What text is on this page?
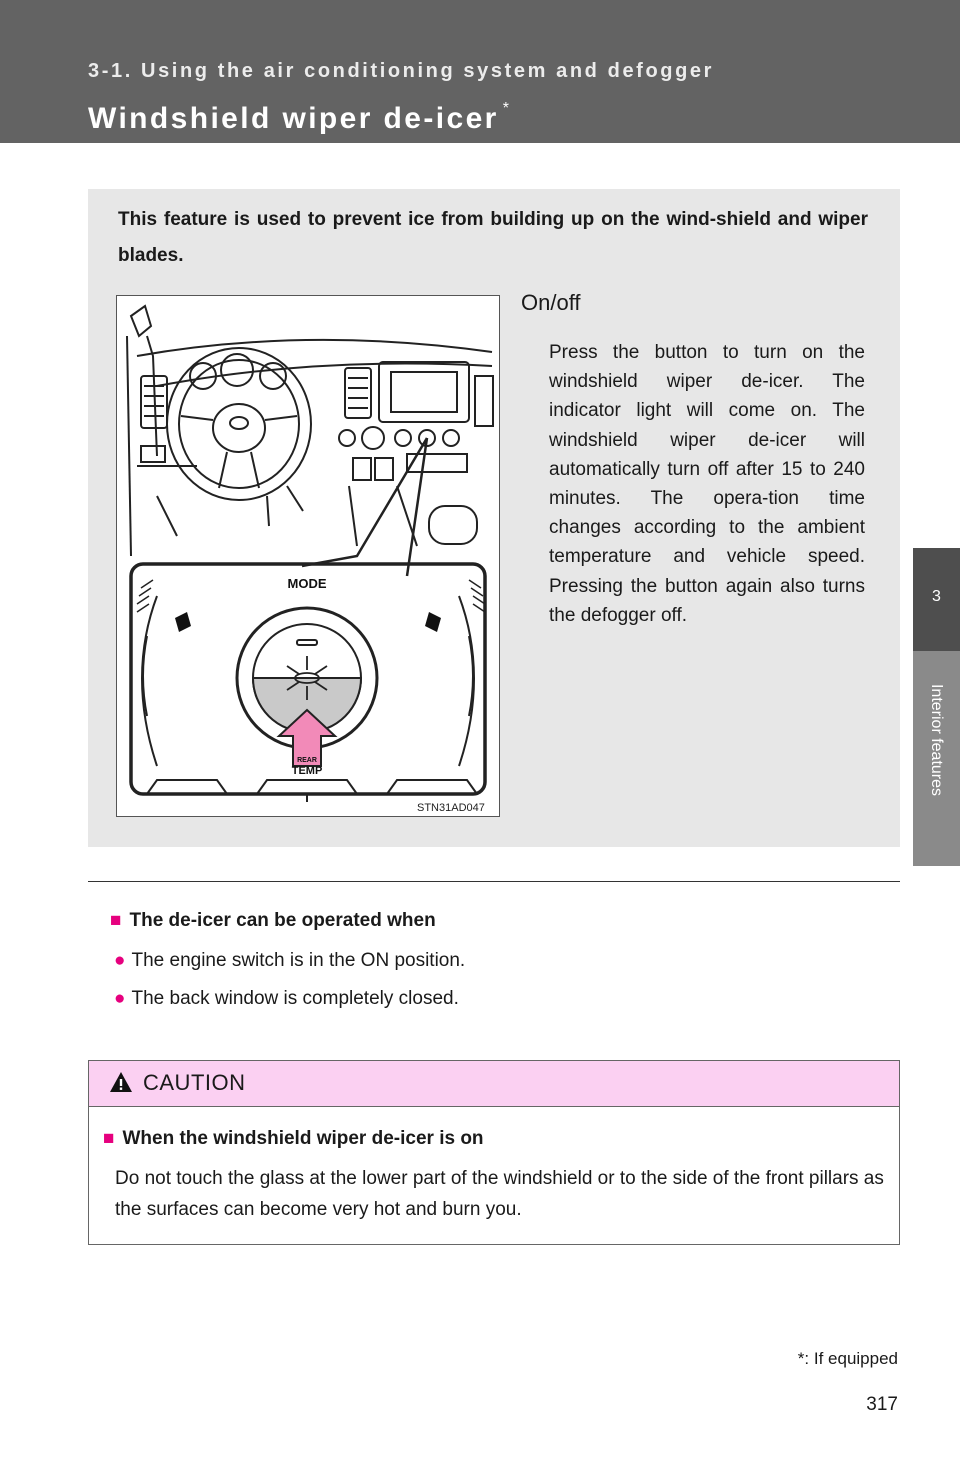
3-1. Using the air conditioning system and defogger
Windshield wiper de-icer *
3
Interior features
This feature is used to prevent ice from building up on the wind-shield and wiper blades.
MODE
REAR
TEMP
STN31AD047
On/off
Press the button to turn on the windshield wiper de-icer. The indicator light will come on. The windshield wiper de-icer will automatically turn off after 15 to 240 minutes. The opera-tion time changes according to the ambient temperature and vehicle speed. Pressing the button again also turns the defogger off.
■ The de-icer can be operated when
● The engine switch is in the ON position.
● The back window is completely closed.
CAUTION
■ When the windshield wiper de-icer is on
Do not touch the glass at the lower part of the windshield or to the side of the front pillars as the surfaces can become very hot and burn you.
*: If equipped
317
